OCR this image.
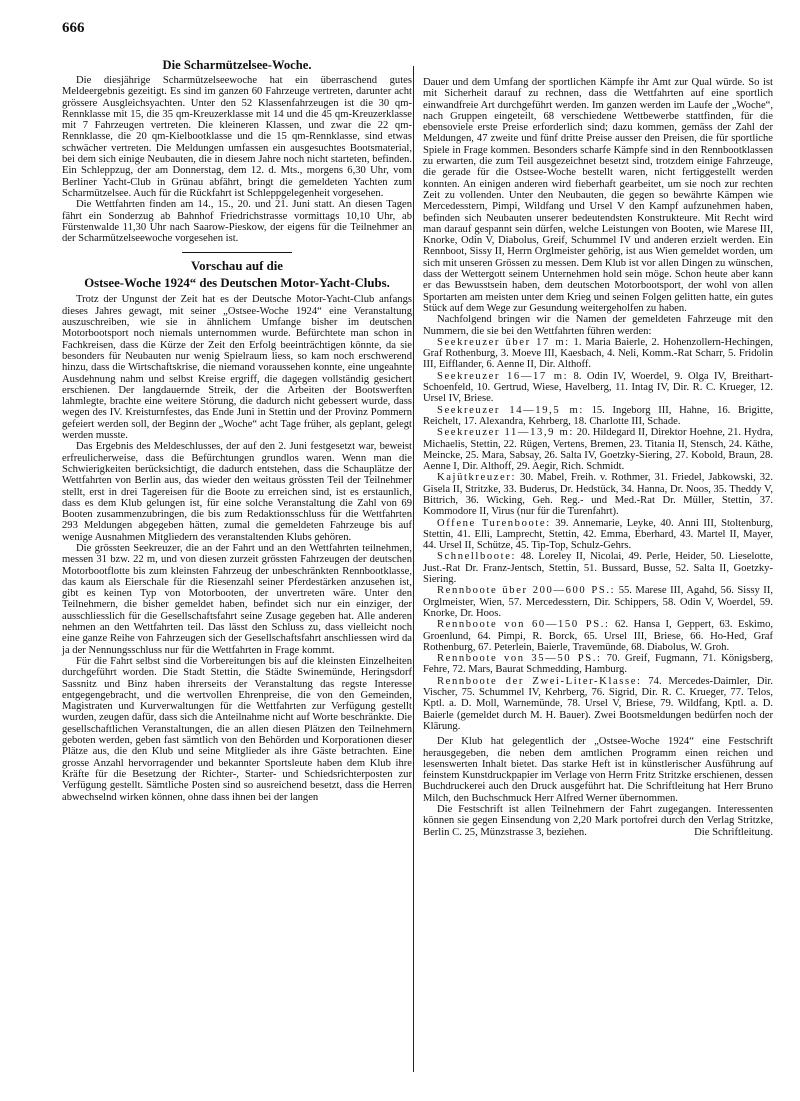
666
Die Scharmützelsee-Woche.

Die diesjährige Scharmützelseewoche hat ein überraschend gutes Meldeergebnis gezeitigt. Es sind im ganzen 60 Fahrzeuge vertreten, darunter acht grössere Ausgleichsyachten. Unter den 52 Klassenfahrzeugen ist die 30 qm-Rennklasse mit 15, die 35 qm-Kreuzerklasse mit 14 und die 45 qm-Kreuzerklasse mit 7 Fahrzeugen vertreten. Die kleineren Klassen, und zwar die 22 qm-Rennklasse, die 20 qm-Kielbootklasse und die 15 qm-Rennklasse, sind etwas schwächer vertreten. Die Meldungen umfassen ein ausgesuchtes Bootsmaterial, bei dem sich einige Neubauten, die in diesem Jahre noch nicht starteten, befinden. Ein Schleppzug, der am Donnerstag, dem 12. d. Mts., morgens 6,30 Uhr, vom Berliner Yacht-Club in Grünau abfährt, bringt die gemeldeten Yachten zum Scharmützelsee. Auch für die Rückfahrt ist Schleppgelegenheit vorgesehen.

Die Wettfahrten finden am 14., 15., 20. und 21. Juni statt. An diesen Tagen fährt ein Sonderzug ab Bahnhof Friedrichstrasse vormittags 10,10 Uhr, ab Fürstenwalde 11,30 Uhr nach Saarow-Pieskow, der eigens für die Teilnehmer an der Scharmützelseewoche vorgesehen ist.

Vorschau auf die
Ostsee-Woche 1924“ des Deutschen Motor-Yacht-Clubs.

Trotz der Ungunst der Zeit hat es der Deutsche Motor-Yacht-Club anfangs dieses Jahres gewagt, mit seiner „Ostsee-Woche 1924“ eine Veranstaltung auszuschreiben, wie sie in ähnlichem Umfange bisher im deutschen Motorbootsport noch niemals unternommen wurde. Befürchtete man schon in Fachkreisen, dass die Kürze der Zeit den Erfolg beeinträchtigen könnte, da sie besonders für Neubauten nur wenig Spielraum liess, so kam noch erschwerend hinzu, dass die Wirtschaftskrise, die niemand voraussehen konnte, eine ungeahnte Ausdehnung nahm und selbst Kreise ergriff, die dagegen vollständig gesichert erschienen. Der langdauernde Streik, der die Arbeiten der Bootswerften lahmlegte, brachte eine weitere Störung, die dadurch nicht gebessert wurde, dass wegen des IV. Kreisturnfestes, das Ende Juni in Stettin und der Provinz Pommern gefeiert werden soll, der Beginn der „Woche“ acht Tage früher, als geplant, gelegt werden musste.

Das Ergebnis des Meldeschlusses, der auf den 2. Juni festgesetzt war, beweist erfreulicherweise, dass die Befürchtungen grundlos waren. Wenn man die Schwierigkeiten berücksichtigt, die dadurch entstehen, dass die Schauplätze der Wettfahrten von Berlin aus, das wieder den weitaus grössten Teil der Teilnehmer stellt, erst in drei Tagereisen für die Boote zu erreichen sind, ist es erstaunlich, dass es dem Klub gelungen ist, für eine solche Veranstaltung die Zahl von 69 Booten zusammenzubringen, die bis zum Redaktionsschluss für die Wettfahrten 293 Meldungen abgegeben hätten, zumal die gemeldeten Fahrzeuge bis auf wenige Ausnahmen Mitgliedern des veranstaltenden Klubs gehören.

Die grössten Seekreuzer, die an der Fahrt und an den Wettfahrten teilnehmen, messen 31 bzw. 22 m, und von diesen zurzeit grössten Fahrzeugen der deutschen Motorbootflotte bis zum kleinsten Fahrzeug der unbeschränkten Rennbootklasse, das kaum als Eierschale für die Riesenzahl seiner Pferdestärken anzusehen ist, gibt es keinen Typ von Motorbooten, der unvertreten wäre. Unter den Teilnehmern, die bisher gemeldet haben, befindet sich nur ein einziger, der ausschliesslich für die Gesellschaftsfahrt seine Zusage gegeben hat. Alle anderen nehmen an den Wettfahrten teil. Das lässt den Schluss zu, dass vielleicht noch eine ganze Reihe von Fahrzeugen sich der Gesellschaftsfahrt anschliessen wird da ja der Nennungsschluss nur für die Wettfahrten in Frage kommt.

Für die Fahrt selbst sind die Vorbereitungen bis auf die kleinsten Einzelheiten durchgeführt worden. Die Stadt Stettin, die Städte Swinemünde, Heringsdorf Sassnitz und Binz haben ihrerseits der Veranstaltung das regste Interesse entgegengebracht, und die wertvollen Ehrenpreise, die von den Gemeinden, Magistraten und Kurverwaltungen für die Wettfahrten zur Verfügung gestellt wurden, zeugen dafür, dass sich die Anteilnahme nicht auf Worte beschränkte. Die gesellschaftlichen Veranstaltungen, die an allen diesen Plätzen den Teilnehmern geboten werden, geben fast sämtlich von den Behörden und Korporationen dieser Plätze aus, die den Klub und seine Mitglieder als ihre Gäste betrachten. Eine grosse Anzahl hervorragender und bekannter Sportsleute haben dem Klub ihre Kräfte für die Besetzung der Richter-, Starter- und Schiedsrichterposten zur Verfügung gestellt. Sämtliche Posten sind so ausreichend besetzt, dass die Herren abwechselnd wirken können, ohne dass ihnen bei der langen

Dauer und dem Umfang der sportlichen Kämpfe ihr Amt zur Qual würde. So ist mit Sicherheit darauf zu rechnen, dass die Wettfahrten auf eine sportlich einwandfreie Art durchgeführt werden. Im ganzen werden im Laufe der „Woche“, nach Gruppen eingeteilt, 68 verschiedene Wettbewerbe stattfinden, für die ebensoviele erste Preise erforderlich sind; dazu kommen, gemäss der Zahl der Meldungen, 47 zweite und fünf dritte Preise ausser den Preisen, die für sportliche Spiele in Frage kommen. Besonders scharfe Kämpfe sind in den Rennbootklassen zu erwarten, die zum Teil ausgezeichnet besetzt sind, trotzdem einige Fahrzeuge, die gerade für die Ostsee-Woche bestellt waren, nicht fertiggestellt werden konnten. An einigen anderen wird fieberhaft gearbeitet, um sie noch zur rechten Zeit zu vollenden. Unter den Neubauten, die gegen so bewährte Kämpen wie Mercedesstern, Pimpi, Wildfang und Ursel V den Kampf aufzunehmen haben, befinden sich Neubauten unserer bedeutendsten Konstrukteure. Mit Recht wird man darauf gespannt sein dürfen, welche Leistungen von Booten, wie Marese III, Knorke, Odin V, Diabolus, Greif, Schummel IV und anderen erzielt werden. Ein Rennboot, Sissy II, Herrn Orglmeister gehörig, ist aus Wien gemeldet worden, um sich mit unseren Grössen zu messen. Dem Klub ist vor allen Dingen zu wünschen, dass der Wettergott seinem Unternehmen hold sein möge. Schon heute aber kann er das Bewusstsein haben, dem deutschen Motorbootsport, der wohl von allen Sportarten am meisten unter dem Krieg und seinen Folgen gelitten hatte, ein gutes Stück auf dem Wege zur Gesundung weitergeholfen zu haben.

Nachfolgend bringen wir die Namen der gemeldeten Fahrzeuge mit den Nummern, die sie bei den Wettfahrten führen werden:

Seekreuzer über 17 m: 1. Maria Baierle, 2. Hohenzollern-Hechingen, Graf Rothenburg, 3. Moeve III, Kaesbach, 4. Neli, Komm.-Rat Scharr, 5. Fridolin III, Eifflander, 6. Aenne II, Dir. Althoff.

Seekreuzer 16—17 m: 8. Odin IV, Woerdel, 9. Olga IV, Breithart-Schoenfeld, 10. Gertrud, Wiese, Havelberg, 11. Intag IV, Dir. R. C. Krueger, 12. Ursel IV, Briese.

Seekreuzer 14—19,5 m: 15. Ingeborg III, Hahne, 16. Brigitte, Reichelt, 17. Alexandra, Kehrberg, 18. Charlotte III, Schade.

Seekreuzer 11—13,9 m: 20. Hildegard II, Direktor Hoehne, 21. Hydra, Michaelis, Stettin, 22. Rügen, Vertens, Bremen, 23. Titania II, Stensch, 24. Käthe, Meincke, 25. Mara, Sabsay, 26. Salta IV, Goetzky-Siering, 27. Kobold, Braun, 28. Aenne I, Dir. Althoff, 29. Aegir, Rich. Schmidt.

Kajütkreuzer: 30. Mabel, Freih. v. Rothmer, 31. Friedel, Jabkowski, 32. Gisela II, Stritzke, 33. Buderus, Dr. Hedstück, 34. Hanna, Dr. Noos, 35. Theddy V, Bittrich, 36. Wicking, Geh. Reg.- und Med.-Rat Dr. Müller, Stettin, 37. Kommodore II, Virus (nur für die Turenfahrt).

Offene Turenboote: 39. Annemarie, Leyke, 40. Anni III, Stoltenburg, Stettin, 41. Elli, Lamprecht, Stettin, 42. Emma, Eberhard, 43. Martel II, Mayer, 44. Ursel II, Schütze, 45. Tip-Top, Schulz-Gehrs.

Schnellboote: 48. Loreley II, Nicolai, 49. Perle, Heider, 50. Lieselotte, Just.-Rat Dr. Franz-Jentsch, Stettin, 51. Bussard, Busse, 52. Salta II, Goetzky-Siering.

Rennboote über 200—600 PS.: 55. Marese III, Agahd, 56. Sissy II, Orglmeister, Wien, 57. Mercedesstern, Dir. Schippers, 58. Odin V, Woerdel, 59. Knorke, Dr. Hoos.

Rennboote von 60—150 PS.: 62. Hansa I, Geppert, 63. Eskimo, Groenlund, 64. Pimpi, R. Borck, 65. Ursel III, Briese, 66. Ho-Hed, Graf Rothenburg, 67. Peterlein, Baierle, Travemünde, 68. Diabolus, W. Groh.

Rennboote von 35—50 PS.: 70. Greif, Fugmann, 71. Königsberg, Fehre, 72. Mars, Baurat Schmedding, Hamburg.

Rennboote der Zwei-Liter-Klasse: 74. Mercedes-Daimler, Dir. Vischer, 75. Schummel IV, Kehrberg, 76. Sigrid, Dir. R. C. Krueger, 77. Telos, Kptl. a. D. Moll, Warnemünde, 78. Ursel V, Briese, 79. Wildfang, Kptl. a. D. Baierle (gemeldet durch M. H. Bauer). Zwei Bootsmeldungen bedürfen noch der Klärung.

Der Klub hat gelegentlich der „Ostsee-Woche 1924“ eine Festschrift herausgegeben, die neben dem amtlichen Programm einen reichen und lesenswerten Inhalt bietet. Das starke Heft ist in künstlerischer Ausführung auf feinstem Kunstdruckpapier im Verlage von Herrn Fritz Stritzke erschienen, dessen Buchdruckerei auch den Druck ausgeführt hat. Die Schriftleitung hat Herr Bruno Milch, den Buchschmuck Herr Alfred Werner übernommen.

Die Festschrift ist allen Teilnehmern der Fahrt zugegangen. Interessenten können sie gegen Einsendung von 2,20 Mark portofrei durch den Verlag Stritzke, Berlin C. 25, Münzstrasse 3, beziehen.	Die Schriftleitung.
